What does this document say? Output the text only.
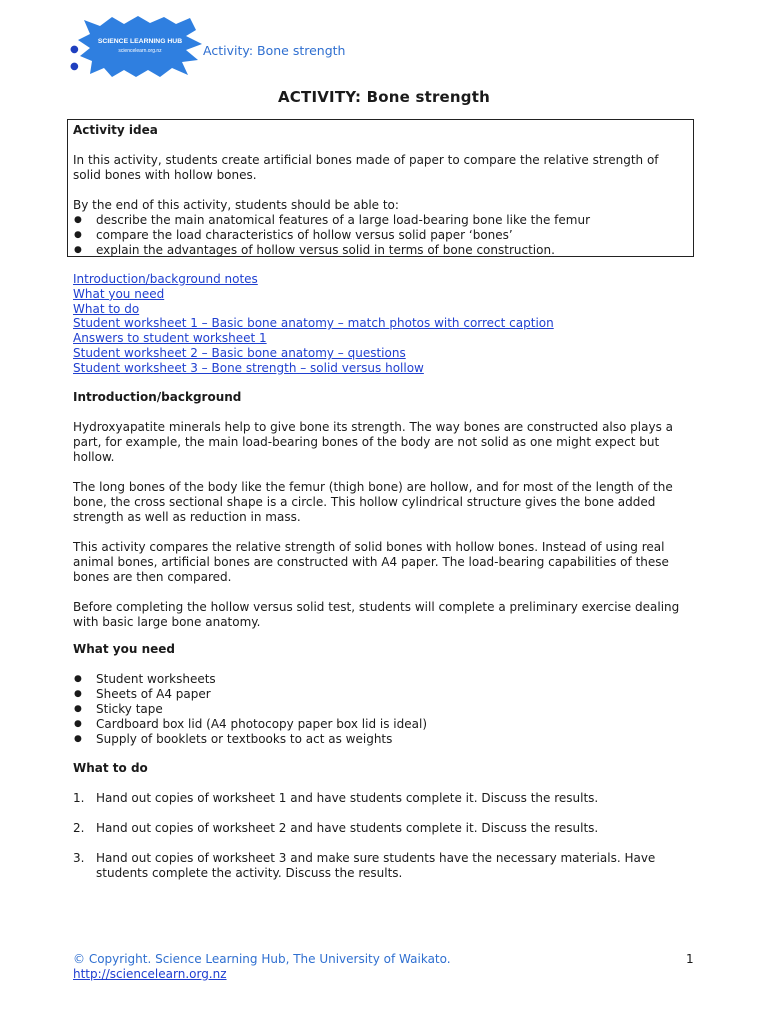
●
●
SCIENCE LEARNING HUB
sciencelearn.org.nz	Activity: Bone strength
ACTIVITY: Bone strength

Activity idea

In this activity, students create artificial bones made of paper to compare the relative strength of solid bones with hollow bones.

By the end of this activity, students should be able to:

● describe the main anatomical features of a large load-bearing bone like the femur
● compare the load characteristics of hollow versus solid paper ‘bones’
● explain the advantages of hollow versus solid in terms of bone construction.
Introduction/background notes
What you need
What to do
Student worksheet 1 – Basic bone anatomy – match photos with correct caption
Answers to student worksheet 1
Student worksheet 2 – Basic bone anatomy – questions
Student worksheet 3 – Bone strength – solid versus hollow
Introduction/background

Hydroxyapatite minerals help to give bone its strength. The way bones are constructed also plays a part, for example, the main load-bearing bones of the body are not solid as one might expect but hollow.

The long bones of the body like the femur (thigh bone) are hollow, and for most of the length of the bone, the cross sectional shape is a circle. This hollow cylindrical structure gives the bone added strength as well as reduction in mass.

This activity compares the relative strength of solid bones with hollow bones. Instead of using real animal bones, artificial bones are constructed with A4 paper. The load-bearing capabilities of these bones are then compared.

Before completing the hollow versus solid test, students will complete a preliminary exercise dealing with basic large bone anatomy.

What you need
● Student worksheets
● Sheets of A4 paper
● Sticky tape
● Cardboard box lid (A4 photocopy paper box lid is ideal)
● Supply of booklets or textbooks to act as weights
What to do
1. Hand out copies of worksheet 1 and have students complete it. Discuss the results.
2. Hand out copies of worksheet 2 and have students complete it. Discuss the results.
3. Hand out copies of worksheet 3 and make sure students have the necessary materials. Have students complete the activity. Discuss the results.
© Copyright. Science Learning Hub, The University of Waikato.
http://sciencelearn.org.nz
1
